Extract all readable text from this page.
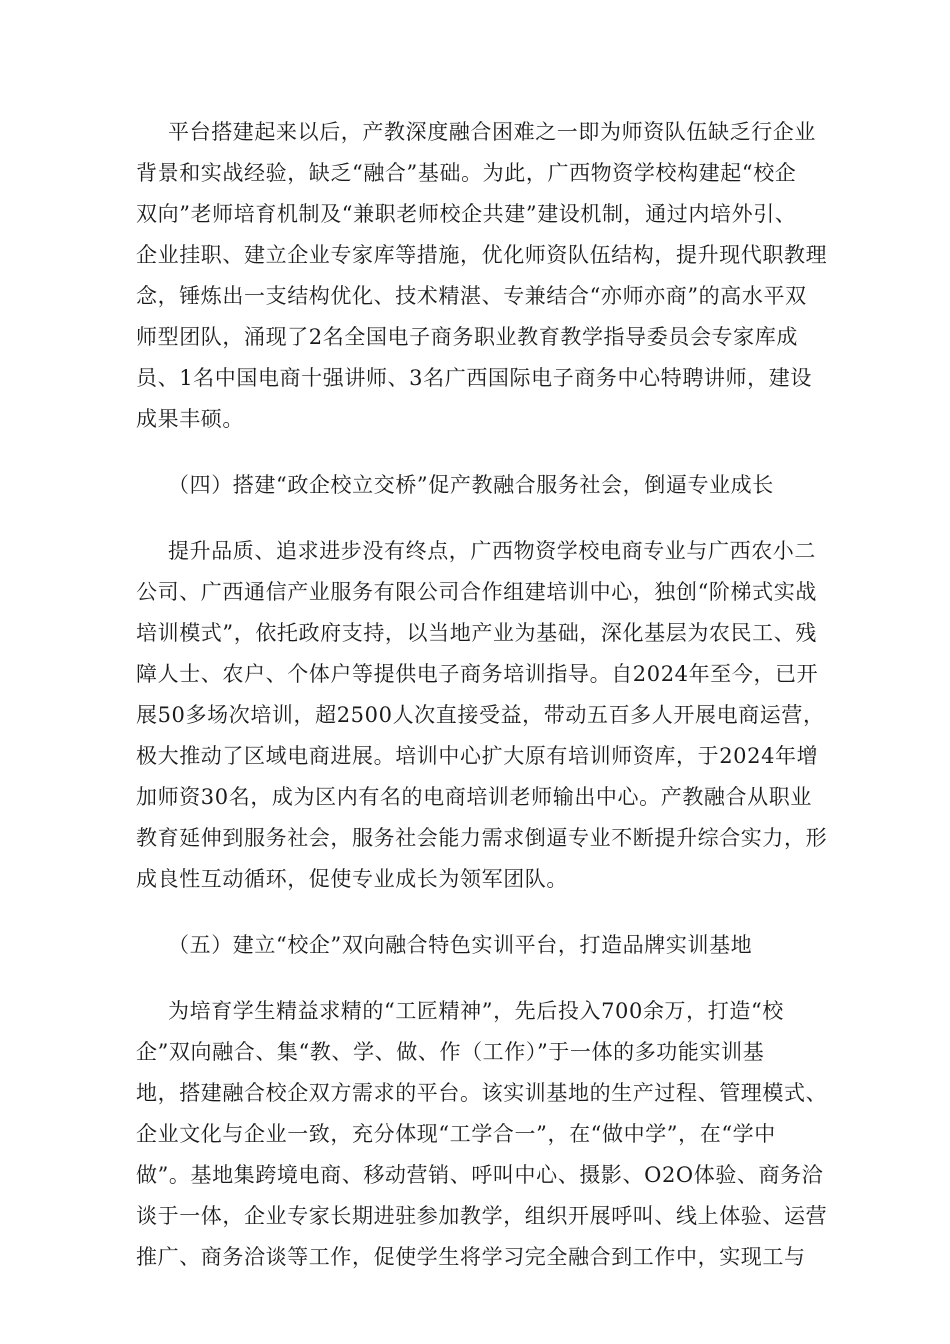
平台搭建起来以后，产教深度融合困难之一即为师资队伍缺乏行企业
背景和实战经验，缺乏“融合”基础。为此，广西物资学校构建起“校企
双向”老师培育机制及“兼职老师校企共建”建设机制，通过内培外引、
企业挂职、建立企业专家库等措施，优化师资队伍结构，提升现代职教理
念，锤炼出一支结构优化、技术精湛、专兼结合“亦师亦商”的高水平双
师型团队，涌现了2名全国电子商务职业教育教学指导委员会专家库成
员、1名中国电商十强讲师、3名广西国际电子商务中心特聘讲师，建设
成果丰硕。
（四）搭建“政企校立交桥”促产教融合服务社会，倒逼专业成长
提升品质、追求进步没有终点，广西物资学校电商专业与广西农小二
公司、广西通信产业服务有限公司合作组建培训中心，独创“阶梯式实战
培训模式”，依托政府支持，以当地产业为基础，深化基层为农民工、残
障人士、农户、个体户等提供电子商务培训指导。自2024年至今，已开
展50多场次培训，超2500人次直接受益，带动五百多人开展电商运营，
极大推动了区域电商进展。培训中心扩大原有培训师资库，于2024年增
加师资30名，成为区内有名的电商培训老师输出中心。产教融合从职业
教育延伸到服务社会，服务社会能力需求倒逼专业不断提升综合实力，形
成良性互动循环，促使专业成长为领军团队。
（五）建立“校企”双向融合特色实训平台，打造品牌实训基地
为培育学生精益求精的“工匠精神”，先后投入700余万，打造“校
企”双向融合、集“教、学、做、作（工作）”于一体的多功能实训基
地，搭建融合校企双方需求的平台。该实训基地的生产过程、管理模式、
企业文化与企业一致，充分体现“工学合一”，在“做中学”，在“学中
做”。基地集跨境电商、移动营销、呼叫中心、摄影、O2O体验、商务洽
谈于一体，企业专家长期进驻参加教学，组织开展呼叫、线上体验、运营
推广、商务洽谈等工作，促使学生将学习完全融合到工作中，实现工与
